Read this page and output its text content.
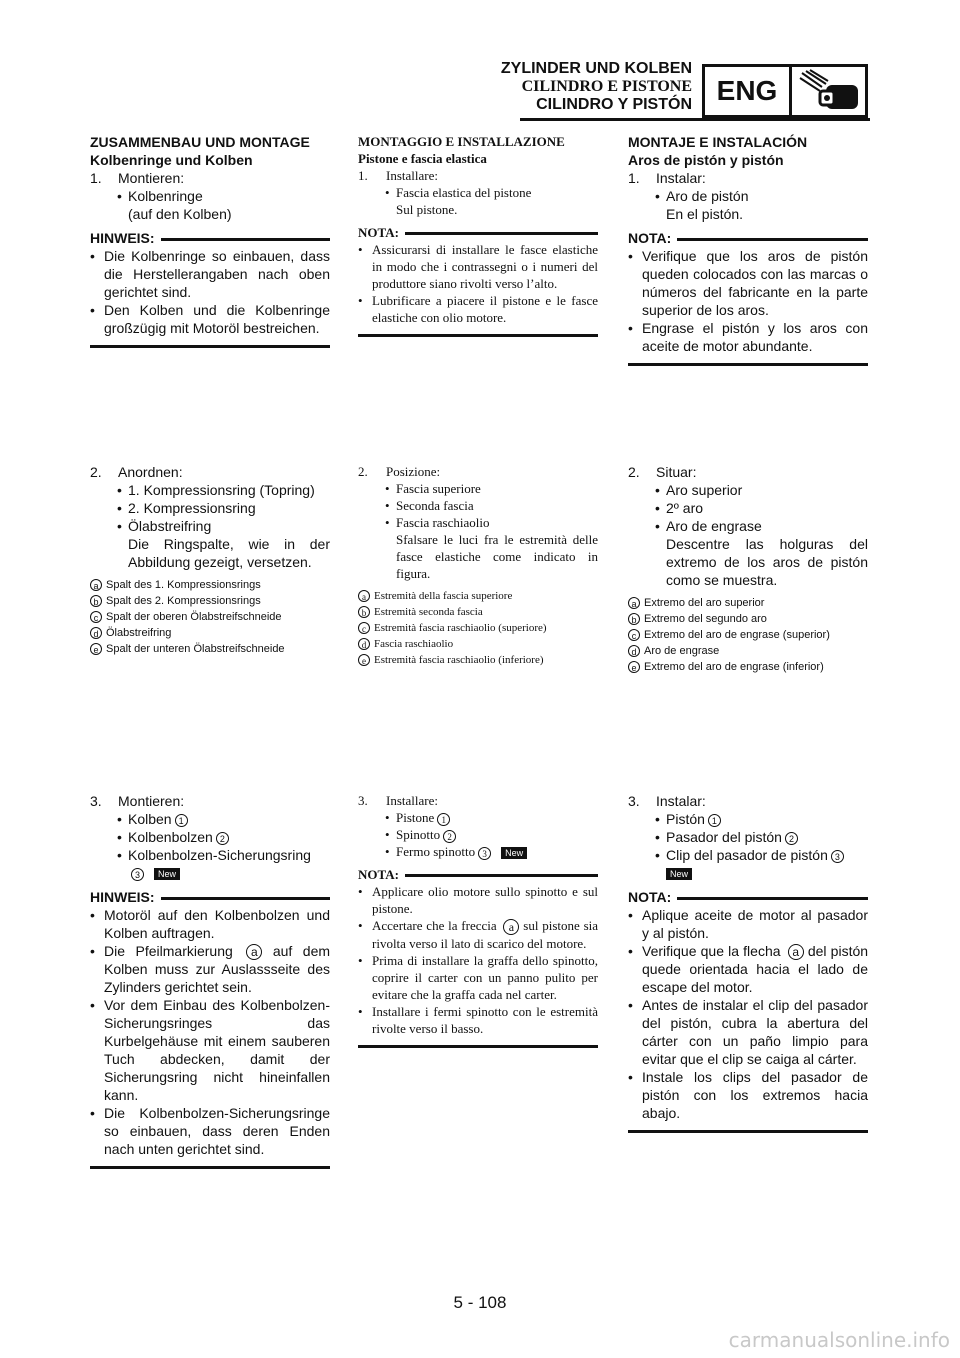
ZYLINDER UND KOLBEN
CILINDRO E PISTONE
CILINDRO Y PISTÓN ENG
ZUSAMMENBAU UND MONTAGE
Kolbenringe und Kolben
1. Montieren:
• Kolbenringe
(auf den Kolben)
HINWEIS:
• Die Kolbenringe so einbauen, dass die Herstellerangaben nach oben gerichtet sind.
• Den Kolben und die Kolbenringe großzügig mit Motoröl bestreichen.
MONTAGGIO E INSTALLAZIONE
Pistone e fascia elastica
1. Installare:
• Fascia elastica del pistone
Sul pistone.
NOTA:
• Assicurarsi di installare le fasce elastiche in modo che i contrassegni o i numeri del produttore siano rivolti verso l’alto.
• Lubrificare a piacere il pistone e le fasce elastiche con olio motore.
MONTAJE E INSTALACIÓN
Aros de pistón y pistón
1. Instalar:
• Aro de pistón
En el pistón.
NOTA:
• Verifique que los aros de pistón queden colocados con las marcas o números del fabricante en la parte superior de los aros.
• Engrase el pistón y los aros con aceite de motor abundante.
2. Anordnen:
• 1. Kompressionsring (Topring)
• 2. Kompressionsring
• Ölabstreifring
Die Ringspalte, wie in der Abbildung gezeigt, versetzen.
a Spalt des 1. Kompressionsrings
b Spalt des 2. Kompressionsrings
c Spalt der oberen Ölabstreifschneide
d Ölabstreifring
e Spalt der unteren Ölabstreifschneide
2. Posizione:
• Fascia superiore
• Seconda fascia
• Fascia raschiaolio
Sfalsare le luci fra le estremità delle fasce elastiche come indicato in figura.
a Estremità della fascia superiore
b Estremità seconda fascia
c Estremità fascia raschiaolio (superiore)
d Fascia raschiaolio
e Estremità fascia raschiaolio (inferiore)
2. Situar:
• Aro superior
• 2º aro
• Aro de engrase
Descentre las holguras del extremo de los aros de pistón como se muestra.
a Extremo del aro superior
b Extremo del segundo aro
c Extremo del aro de engrase (superior)
d Aro de engrase
e Extremo del aro de engrase (inferior)
3. Montieren:
• Kolben 1
• Kolbenbolzen 2
• Kolbenbolzen-Sicherungsring
3 New
HINWEIS:
• Motoröl auf den Kolbenbolzen und Kolben auftragen.
• Die Pfeilmarkierung a auf dem Kolben muss zur Auslassseite des Zylinders gerichtet sein.
• Vor dem Einbau des Kolbenbolzen-Sicherungsringes das Kurbelgehäuse mit einem sauberen Tuch abdecken, damit der Sicherungsring nicht hineinfallen kann.
• Die Kolbenbolzen-Sicherungsringe so einbauen, dass deren Enden nach unten gerichtet sind.
3. Installare:
• Pistone 1
• Spinotto 2
• Fermo spinotto 3 New
NOTA:
• Applicare olio motore sullo spinotto e sul pistone.
• Accertare che la freccia a sul pistone sia rivolta verso il lato di scarico del motore.
• Prima di installare la graffa dello spinotto, coprire il carter con un panno pulito per evitare che la graffa cada nel carter.
• Installare i fermi spinotto con le estremità rivolte verso il basso.
3. Instalar:
• Pistón 1
• Pasador del pistón 2
• Clip del pasador de pistón 3
New
NOTA:
• Aplique aceite de motor al pasador y al pistón.
• Verifique que la flecha a del pistón quede orientada hacia el lado de escape del motor.
• Antes de instalar el clip del pasador del pistón, cubra la abertura del cárter con un paño limpio para evitar que el clip se caiga al cárter.
• Instale los clips del pasador de pistón con los extremos hacia abajo.
5 - 108
carmanualsonline.info
